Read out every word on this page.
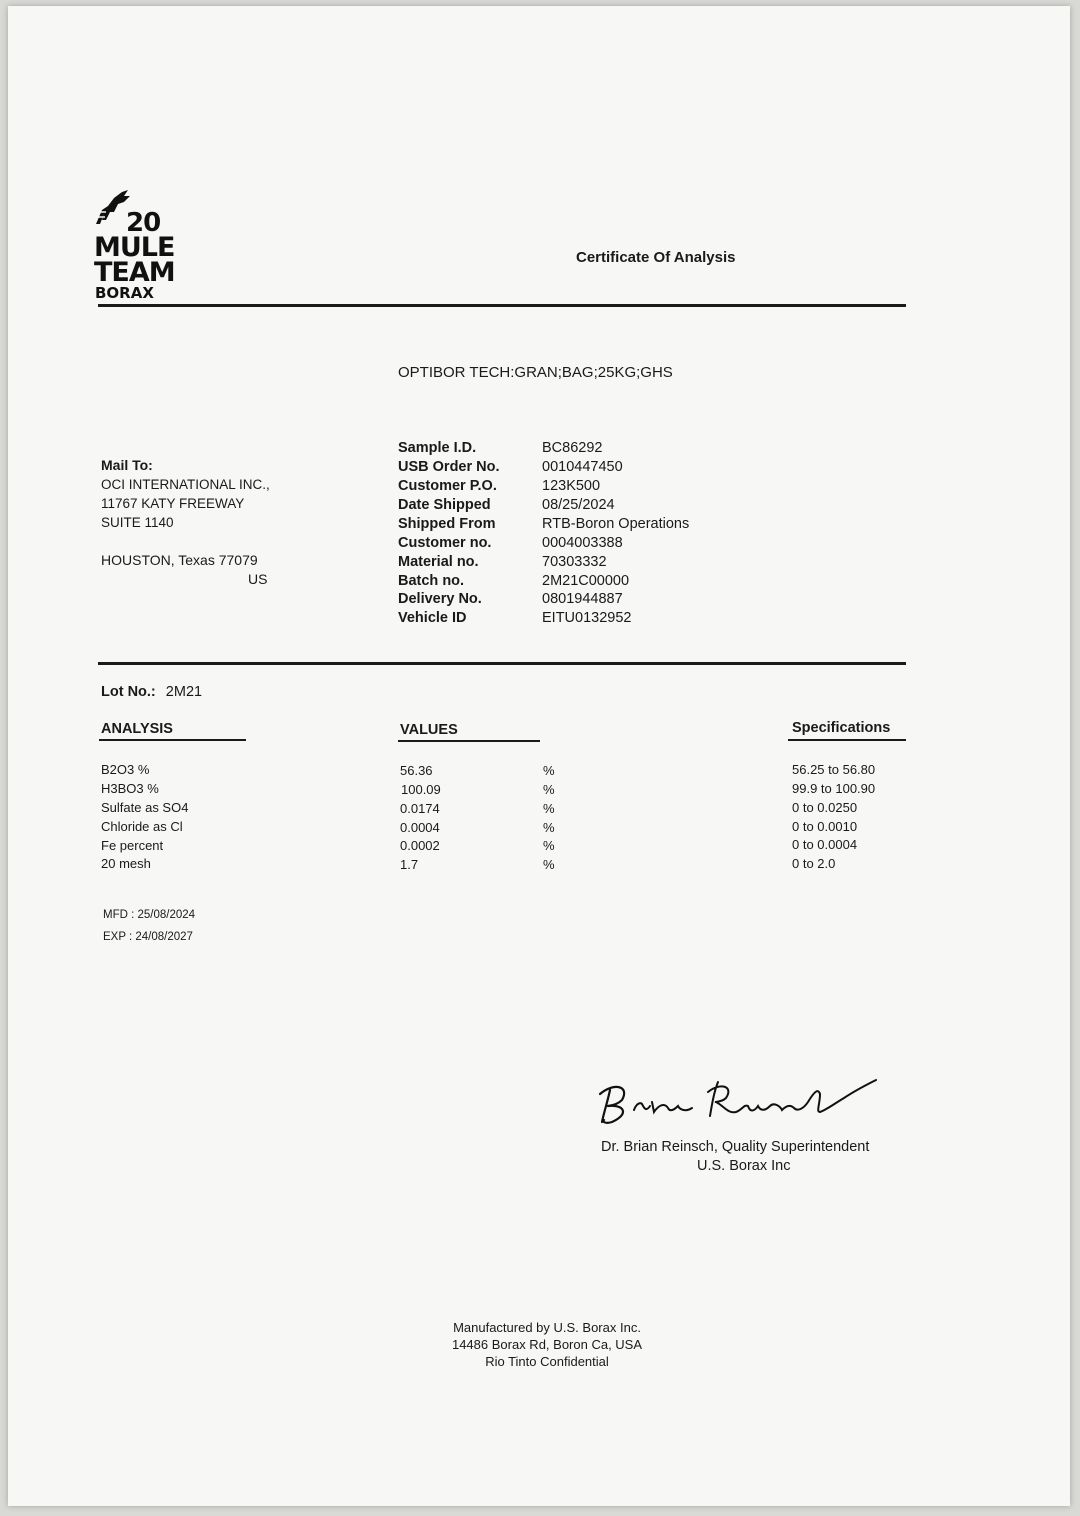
20
MULE
TEAM
BORAX
Certificate Of Analysis
OPTIBOR TECH:GRAN;BAG;25KG;GHS
Mail To:
OCI INTERNATIONAL INC.,
11767 KATY FREEWAY
SUITE 1140
HOUSTON, Texas 77079
US
Sample I.D.	BC86292
USB Order No.	0010447450
Customer P.O.	123K500
Date Shipped	08/25/2024
Shipped From	RTB-Boron Operations
Customer no.	0004003388
Material no.	70303332
Batch no.	2M21C00000
Delivery No.	0801944887
Vehicle ID	EITU0132952
Lot No.: 2M21
ANALYSIS	VALUES	Specifications
B2O3 %	56.36	%	56.25 to 56.80
H3BO3 %	100.09	%	99.9 to 100.90
Sulfate as SO4	0.0174	%	0 to 0.0250
Chloride as Cl	0.0004	%	0 to 0.0010
Fe percent	0.0002	%	0 to 0.0004
20 mesh	1.7	%	0 to 2.0
MFD : 25/08/2024
EXP : 24/08/2027
Dr. Brian Reinsch, Quality Superintendent
U.S. Borax Inc
Manufactured by U.S. Borax Inc.
14486 Borax Rd, Boron Ca, USA
Rio Tinto Confidential
